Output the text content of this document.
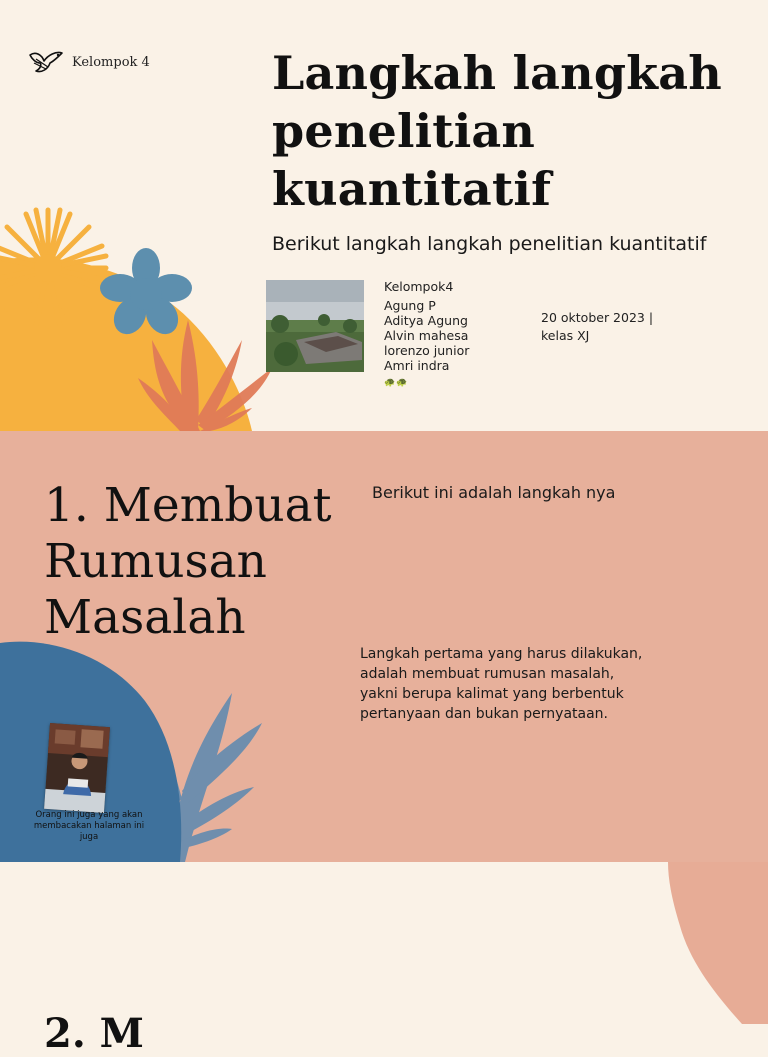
Kelompok 4	Langkah langkah penelitian kuantitatif

Berikut langkah langkah penelitian kuantitatif

Kelompok4
Agung P
Aditya Agung
Alvin mahesa
lorenzo junior
Amri indra
🐢🐢
20 oktober 2023 |
kelas XJ
1. Membuat
Rumusan
Masalah
Berikut ini adalah langkah nya
Langkah pertama yang harus dilakukan, adalah membuat rumusan masalah, yakni berupa kalimat yang berbentuk pertanyaan dan bukan pernyataan.
Orang ini juga yang akan membacakan halaman ini juga
2. M
